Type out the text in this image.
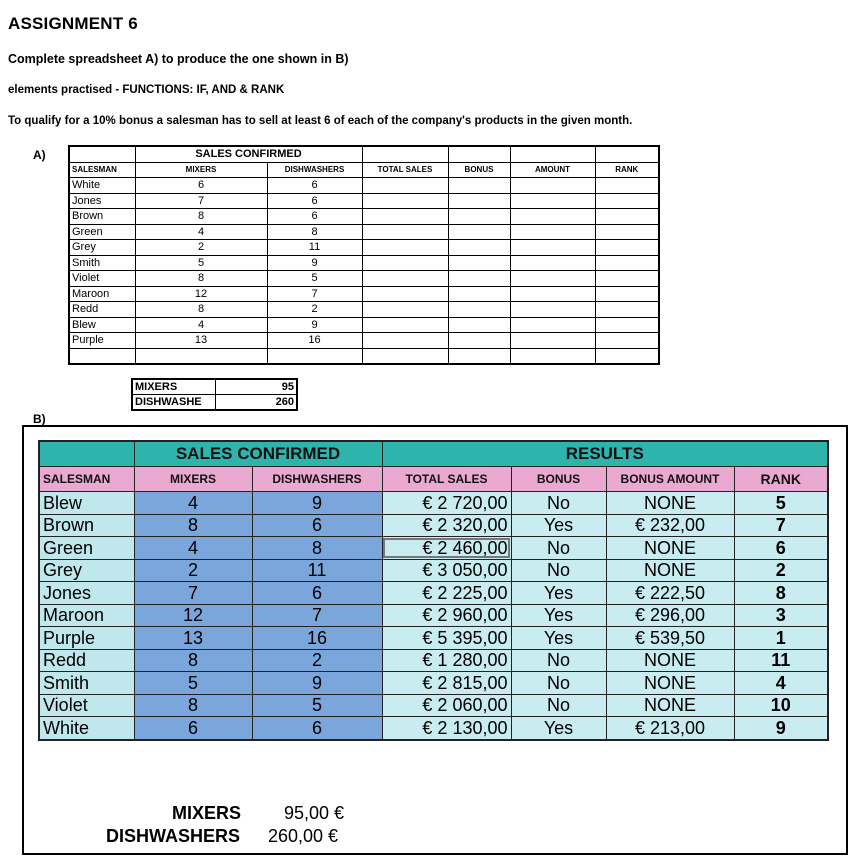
ASSIGNMENT 6
Complete spreadsheet A) to produce the one shown in B)
elements practised - FUNCTIONS: IF, AND & RANK
To qualify for a 10% bonus a salesman has to sell at least 6 of each of the company's products in the given month.
A)
		SALES CONFIRMED					
SALESMAN	MIXERS	DISHWASHERS	TOTAL SALES	BONUS	AMOUNT	RANK
White	6	6				
Jones	7	6				
Brown	8	6				
Green	4	8				
Grey	2	11				
Smith	5	9				
Violet	8	5				
Maroon	12	7				
Redd	8	2				
Blew	4	9				
Purple	13	16				

MIXERS	95
DISHWASHE	260
B)
	SALES CONFIRMED		RESULTS			
SALESMAN	MIXERS	DISHWASHERS	TOTAL SALES	BONUS	BONUS AMOUNT	RANK
Blew	4	9	€ 2 720,00	No	NONE	5
Brown	8	6	€ 2 320,00	Yes	€ 232,00	7
Green	4	8	€ 2 460,00	No	NONE	6
Grey	2	11	€ 3 050,00	No	NONE	2
Jones	7	6	€ 2 225,00	Yes	€ 222,50	8
Maroon	12	7	€ 2 960,00	Yes	€ 296,00	3
Purple	13	16	€ 5 395,00	Yes	€ 539,50	1
Redd	8	2	€ 1 280,00	No	NONE	11
Smith	5	9	€ 2 815,00	No	NONE	4
Violet	8	5	€ 2 060,00	No	NONE	10
White	6	6	€ 2 130,00	Yes	€ 213,00	9
MIXERS 95,00 €
DISHWASHERS 260,00 €
